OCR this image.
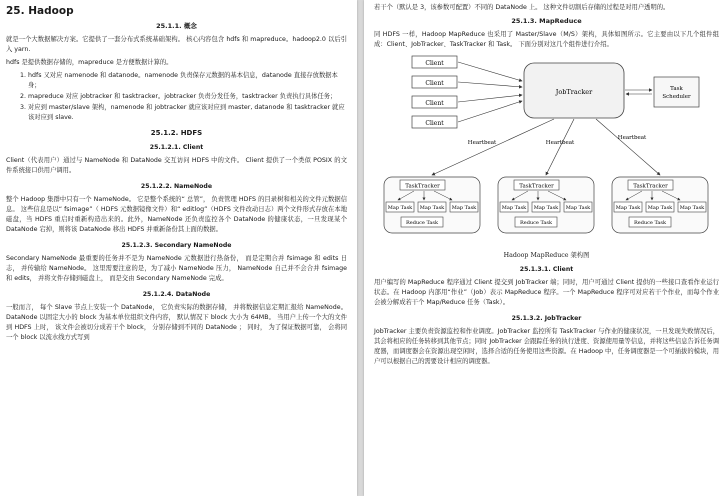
25. Hadoop
25.1.1. 概念

就是一个大数据解决方案。它提供了一套分布式系统基础架构。 核心内容包含 hdfs 和 mapreduce。hadoop2.0 以后引入 yarn.

hdfs 是提供数据存储的，mapreduce 是方便数据计算的。

1. hdfs 又对应 namenode 和 datanode。namenode 负责保存元数据的基本信息，datanode 直接存放数据本身；
2. mapreduce 对应 jobtracker 和 tasktracker。jobtracker 负责分发任务，tasktracker 负责执行具体任务；
3. 对应到 master/slave 架构，namenode 和 jobtracker 就应该对应到 master, datanode 和 tasktracker 就应该对应到 slave.
25.1.2. HDFS
25.1.2.1. Client

Client（代表用户）通过与 NameNode 和 DataNode 交互访问 HDFS 中的文件。 Client 提供了一个类似 POSIX 的文件系统接口供用户调用。

25.1.2.2. NameNode

整个 Hadoop 集群中只有一个 NameNode。 它是整个系统的“ 总管”， 负责管理 HDFS 的目录树和相关的文件元数据信息。 这些信息是以“ fsimage”（ HDFS 元数据镜像文件）和“ editlog”（HDFS 文件改动日志）两个文件形式存放在本地磁盘，当 HDFS 重启时重新构造出来的。此外，NameNode 还负责监控各个 DataNode 的健康状态，一旦发现某个 DataNode 宕掉，则将该 DataNode 移出 HDFS 并重新备份其上面的数据。

25.1.2.3. Secondary NameNode

Secondary NameNode 最重要的任务并不是为 NameNode 元数据进行热备份， 而是定期合并 fsimage 和 edits 日志， 并传输给 NameNode。 这里需要注意的是，为了减小 NameNode 压力， NameNode 自己并不会合并 fsimage 和 edits， 并将文件存储到磁盘上， 而是交由 Secondary NameNode 完成。

25.1.2.4. DataNode

一般而言， 每个 Slave 节点上安装一个 DataNode， 它负责实际的数据存储， 并将数据信息定期汇报给 NameNode。 DataNode 以固定大小的 block 为基本单位组织文件内容， 默认情况下 block 大小为 64MB。 当用户上传一个大的文件到 HDFS 上时， 该文件会被切分成若干个 block， 分别存储到不同的 DataNode ； 同时， 为了保证数据可靠， 会将同一个 block 以流水线方式写到

若干个（默认是 3，该参数可配置）不同的 DataNode 上。 这种文件切割后存储的过程是对用户透明的。

25.1.3. MapReduce

同 HDFS 一样，Hadoop MapReduce 也采用了 Master/Slave（M/S）架构，具体如图所示。它主要由以下几个组件组成：Client、JobTracker、TaskTracker 和 Task。 下面分别对这几个组件进行介绍。

Client
Client
Client
Client
JobTracker	Task
Scheduler
Heartbeat	Heartbeat
Heartbeat
TaskTracker
Map Task Map Task Map Task
Reduce Task
TaskTracker
Map Task Map Task Map Task
Reduce Task
TaskTracker
Map Task Map Task Map Task
Reduce Task
Hadoop MapReduce 架构图
25.1.3.1. Client

用户编写的 MapReduce 程序通过 Client 提交到 JobTracker 端；同时，用户可通过 Client 提供的一些接口查看作业运行状态。在 Hadoop 内部用“作业”（Job）表示 MapReduce 程序。一个 MapReduce 程序可对应若干个作业，而每个作业会被分解成若干个 Map/Reduce 任务（Task）。

25.1.3.2. JobTracker

JobTracker 主要负责资源监控和作业调度。JobTracker 监控所有 TaskTracker 与作业的健康状况，一旦发现失败情况后，其会将相应的任务转移到其他节点；同时 JobTracker 会跟踪任务的执行进度、资源使用量等信息，并将这些信息告诉任务调度器，而调度器会在资源出现空闲时，选择合适的任务使用这些资源。在 Hadoop 中，任务调度器是一个可插拔的模块，用户可以根据自己的需要设计相应的调度器。
